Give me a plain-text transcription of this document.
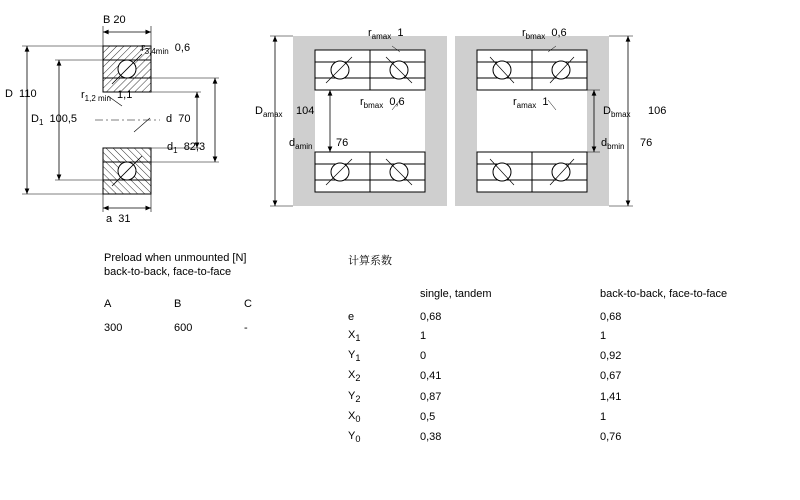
B 20
$r_{3,4min}$  0,6
$r_{1,2 min}$  1,1
D  110
$D_1$  100,5	d  70
$d_1$  82,3
a  31
$r_{amax}$  1	$r_{bmax}$  0,6
$r_{bmax}$  0,6	$r_{amax}$  1
$D_{amax}$ 104
$d_{amin}$ 76
$D_{bmax}$ 106
$d_{bmin}$ 76
Preload when unmounted [N]
back-to-back, face-to-face
A	B	C
300	600	-
计算系数
	single, tandem	back-to-back, face-to-face
e	0,68	0,68
$X_1$	1	1
$Y_1$	0	0,92
$X_2$	0,41	0,67
$Y_2$	0,87	1,41
$X_0$	0,5	1
$Y_0$	0,38	0,76
